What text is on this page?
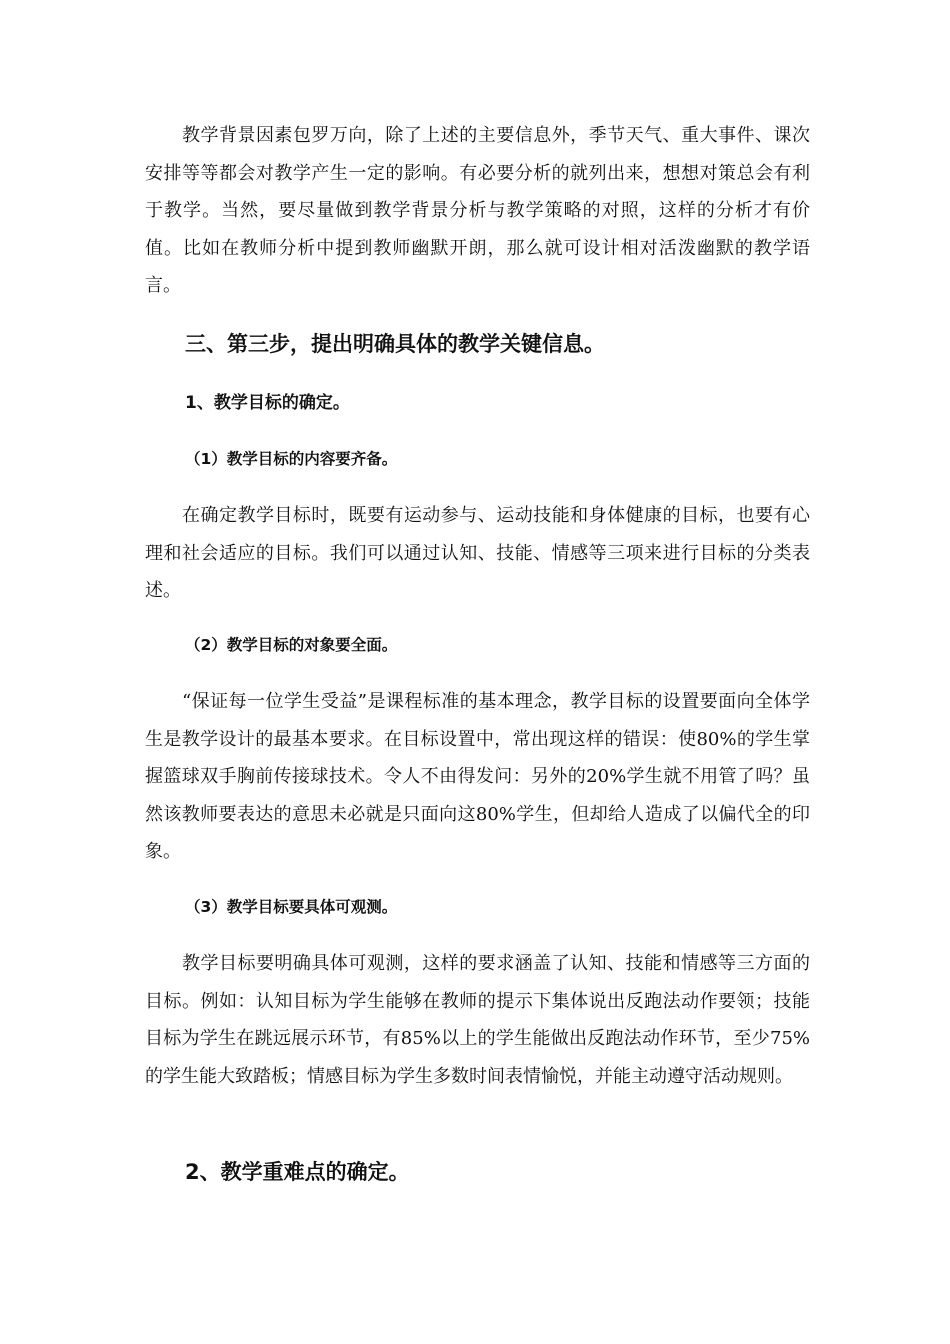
教学背景因素包罗万向，除了上述的主要信息外，季节天气、重大事件、课次安排等等都会对教学产生一定的影响。有必要分析的就列出来，想想对策总会有利于教学。当然，要尽量做到教学背景分析与教学策略的对照，这样的分析才有价值。比如在教师分析中提到教师幽默开朗，那么就可设计相对活泼幽默的教学语言。

三、第三步，提出明确具体的教学关键信息。
1、教学目标的确定。
（1）教学目标的内容要齐备。

在确定教学目标时，既要有运动参与、运动技能和身体健康的目标，也要有心理和社会适应的目标。我们可以通过认知、技能、情感等三项来进行目标的分类表述。

（2）教学目标的对象要全面。

“保证每一位学生受益”是课程标准的基本理念，教学目标的设置要面向全体学生是教学设计的最基本要求。在目标设置中，常出现这样的错误：使80%的学生掌握篮球双手胸前传接球技术。令人不由得发问：另外的20%学生就不用管了吗？虽然该教师要表达的意思未必就是只面向这80%学生，但却给人造成了以偏代全的印象。

（3）教学目标要具体可观测。

教学目标要明确具体可观测，这样的要求涵盖了认知、技能和情感等三方面的目标。例如：认知目标为学生能够在教师的提示下集体说出反跑法动作要领；技能目标为学生在跳远展示环节，有85%以上的学生能做出反跑法动作环节，至少75%的学生能大致踏板；情感目标为学生多数时间表情愉悦，并能主动遵守活动规则。

2、教学重难点的确定。
